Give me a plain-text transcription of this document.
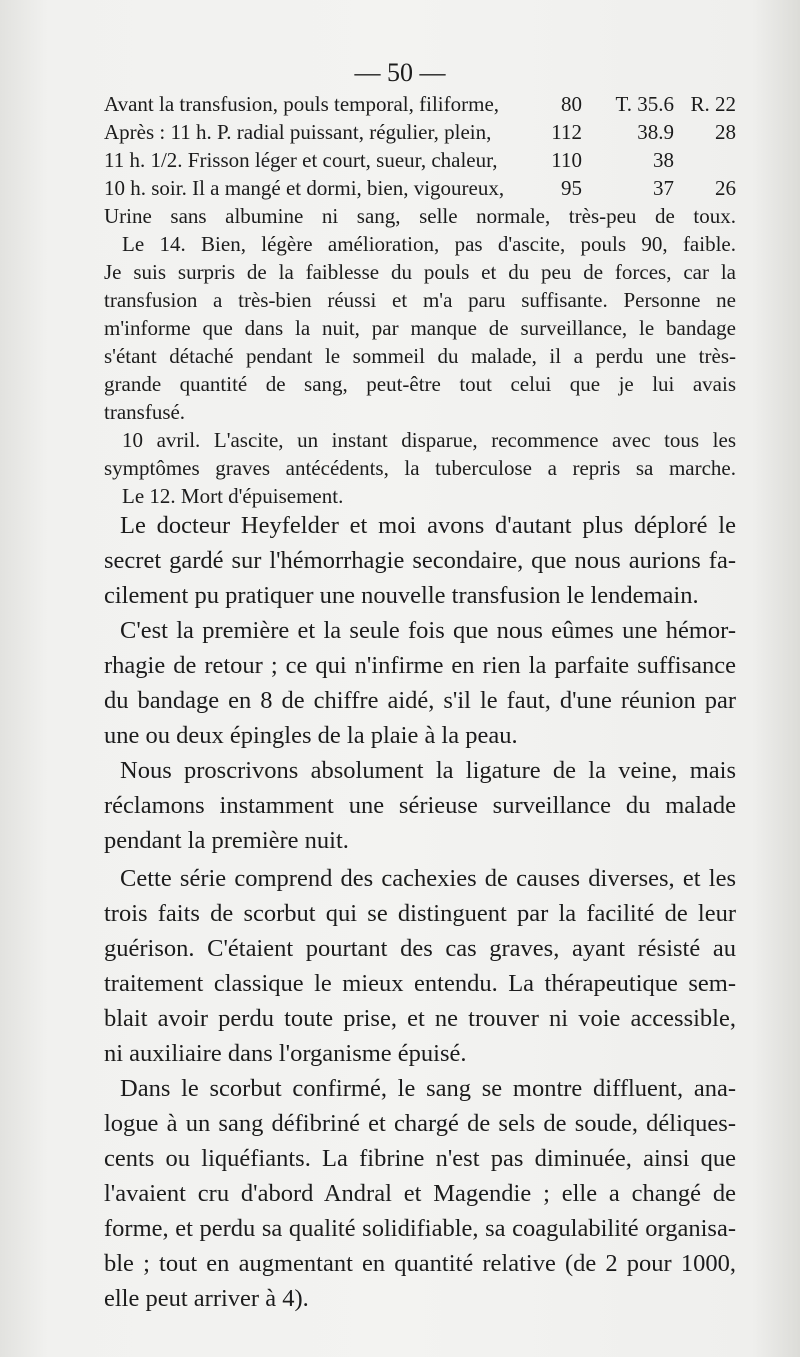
— 50 —
Avant la transfusion, pouls temporal, filiforme,	80	T. 35.6 R. 22
Après : 11 h. P. radial puissant, régulier, plein,	112	38.9	28
11 h. 1/2. Frisson léger et court, sueur, chaleur,	110	38
10 h. soir. Il a mangé et dormi, bien, vigoureux,	95	37	26
Urine sans albumine ni sang, selle normale, très-peu de toux.
Le 14. Bien, légère amélioration, pas d'ascite, pouls 90, faible.
Je suis surpris de la faiblesse du pouls et du peu de forces, car la
transfusion a très-bien réussi et m'a paru suffisante. Personne ne
m'informe que dans la nuit, par manque de surveillance, le bandage
s'étant détaché pendant le sommeil du malade, il a perdu une très-
grande quantité de sang, peut-être tout celui que je lui avais
transfusé.
10 avril. L'ascite, un instant disparue, recommence avec tous les
symptômes graves antécédents, la tuberculose a repris sa marche.
Le 12. Mort d'épuisement.
Le docteur Heyfelder et moi avons d'autant plus déploré le
secret gardé sur l'hémorrhagie secondaire, que nous aurions fa-
cilement pu pratiquer une nouvelle transfusion le lendemain.
C'est la première et la seule fois que nous eûmes une hémor-
rhagie de retour ; ce qui n'infirme en rien la parfaite suffisance
du bandage en 8 de chiffre aidé, s'il le faut, d'une réunion par
une ou deux épingles de la plaie à la peau.
Nous proscrivons absolument la ligature de la veine, mais
réclamons instamment une sérieuse surveillance du malade
pendant la première nuit.
Cette série comprend des cachexies de causes diverses, et les
trois faits de scorbut qui se distinguent par la facilité de leur
guérison. C'étaient pourtant des cas graves, ayant résisté au
traitement classique le mieux entendu. La thérapeutique sem-
blait avoir perdu toute prise, et ne trouver ni voie accessible,
ni auxiliaire dans l'organisme épuisé.
Dans le scorbut confirmé, le sang se montre diffluent, ana-
logue à un sang défibriné et chargé de sels de soude, déliques-
cents ou liquéfiants. La fibrine n'est pas diminuée, ainsi que
l'avaient cru d'abord Andral et Magendie ; elle a changé de
forme, et perdu sa qualité solidifiable, sa coagulabilité organisa-
ble ; tout en augmentant en quantité relative (de 2 pour 1000,
elle peut arriver à 4).
